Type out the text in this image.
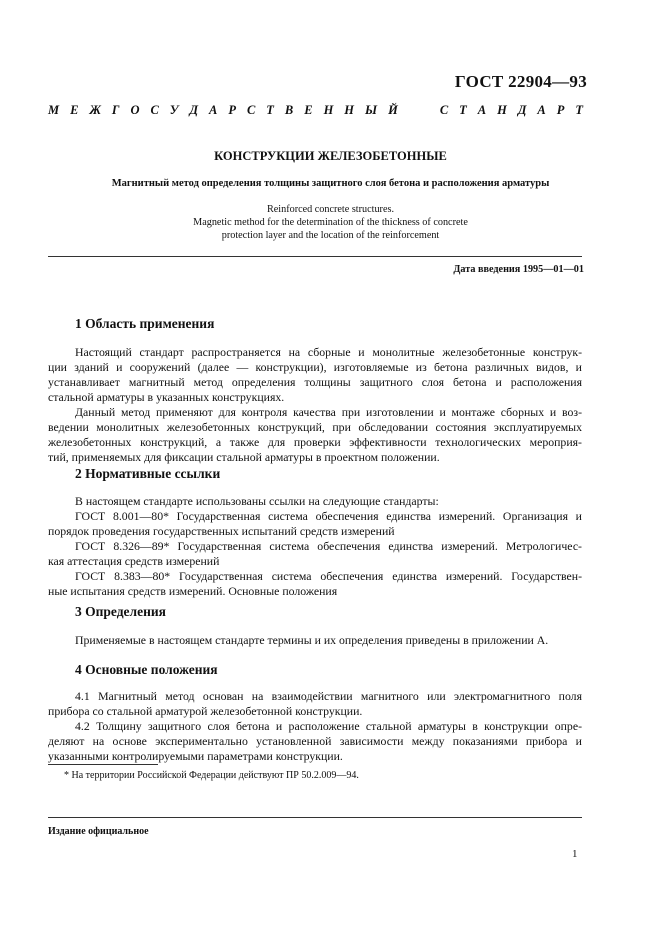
ГОСТ 22904—93
М Е Ж Г О С У Д А Р С Т В Е Н Н Ы Й	С Т А Н Д А Р Т
КОНСТРУКЦИИ ЖЕЛЕЗОБЕТОННЫЕ
Магнитный метод определения толщины защитного слоя бетона и расположения арматуры
Reinforced concrete structures.
Magnetic method for the determination of the thickness of concrete
protection layer and the location of the reinforcement
Дата введения 1995—01—01
1 Область применения
Настоящий стандарт распространяется на сборные и монолитные железобетонные конструк-
ции зданий и сооружений (далее — конструкции), изготовляемые из бетона различных видов, и
устанавливает магнитный метод определения толщины защитного слоя бетона и расположения
стальной арматуры в указанных конструкциях.
Данный метод применяют для контроля качества при изготовлении и монтаже сборных и воз-
ведении монолитных железобетонных конструкций, при обследовании состояния эксплуатируемых
железобетонных конструкций, а также для проверки эффективности технологических мероприя-
тий, применяемых для фиксации стальной арматуры в проектном положении.
2 Нормативные ссылки
В настоящем стандарте использованы ссылки на следующие стандарты:
ГОСТ 8.001—80* Государственная система обеспечения единства измерений. Организация и
порядок проведения государственных испытаний средств измерений
ГОСТ 8.326—89* Государственная система обеспечения единства измерений. Метрологичес-
кая аттестация средств измерений
ГОСТ 8.383—80* Государственная система обеспечения единства измерений. Государствен-
ные испытания средств измерений. Основные положения
3 Определения
Применяемые в настоящем стандарте термины и их определения приведены в приложении А.
4 Основные положения
4.1 Магнитный метод основан на взаимодействии магнитного или электромагнитного поля
прибора со стальной арматурой железобетонной конструкции.
4.2 Толщину защитного слоя бетона и расположение стальной арматуры в конструкции опре-
деляют на основе экспериментально установленной зависимости между показаниями прибора и
указанными контролируемыми параметрами конструкции.
* На территории Российской Федерации действуют ПР 50.2.009—94.
Издание официальное
1
